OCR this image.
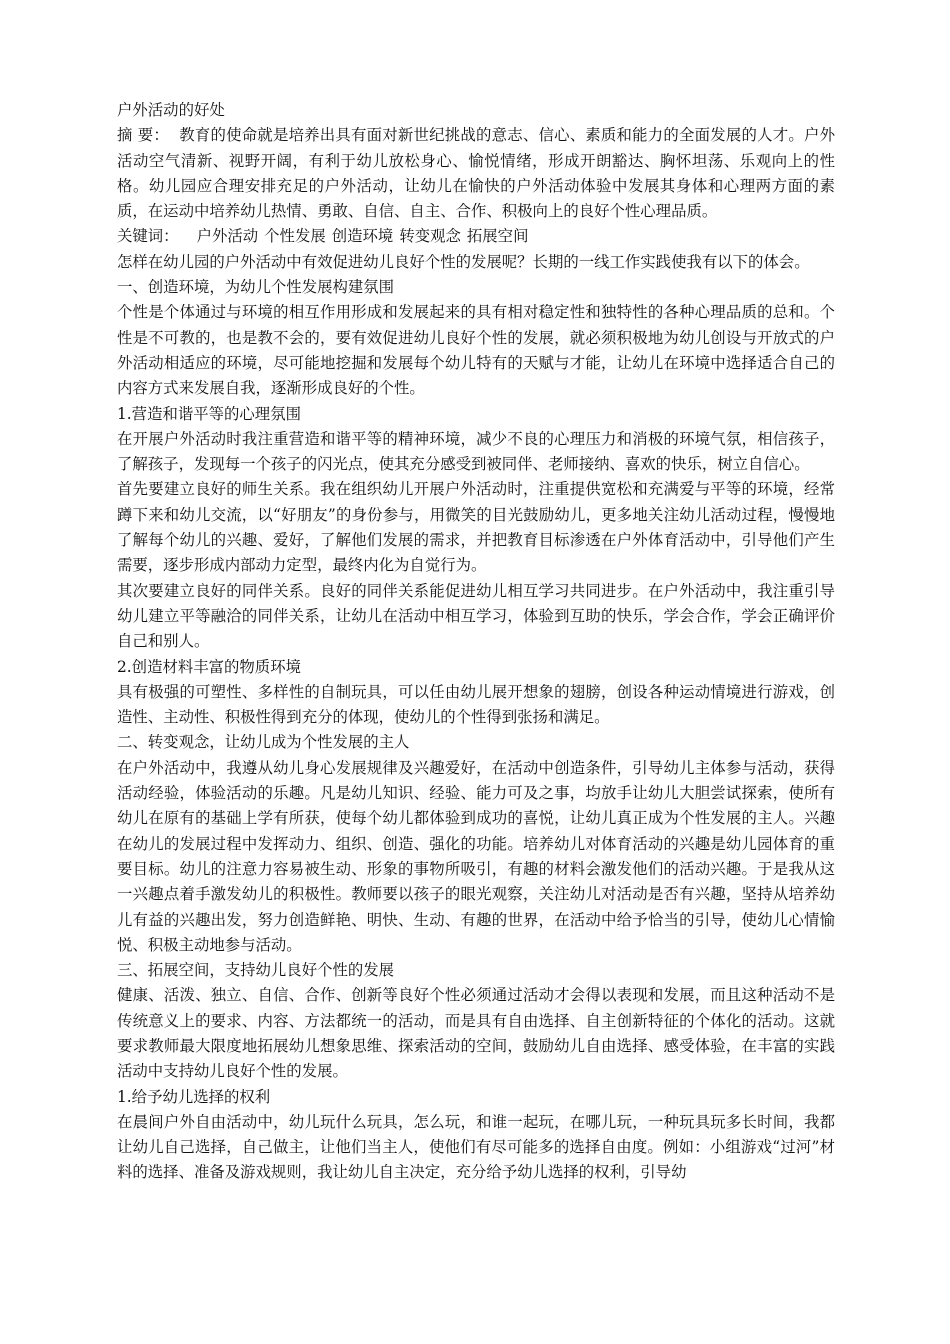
户外活动的好处

摘 要： 教育的使命就是培养出具有面对新世纪挑战的意志、信心、素质和能力的全面发展的人才。户外活动空气清新、视野开阔，有利于幼儿放松身心、愉悦情绪，形成开朗豁达、胸怀坦荡、乐观向上的性格。幼儿园应合理安排充足的户外活动，让幼儿在愉快的户外活动体验中发展其身体和心理两方面的素质，在运动中培养幼儿热情、勇敢、自信、自主、合作、积极向上的良好个性心理品质。

关键词： 户外活动 个性发展 创造环境 转变观念 拓展空间

怎样在幼儿园的户外活动中有效促进幼儿良好个性的发展呢？长期的一线工作实践使我有以下的体会。

一、创造环境，为幼儿个性发展构建氛围

个性是个体通过与环境的相互作用形成和发展起来的具有相对稳定性和独特性的各种心理品质的总和。个性是不可教的，也是教不会的，要有效促进幼儿良好个性的发展，就必须积极地为幼儿创设与开放式的户外活动相适应的环境，尽可能地挖掘和发展每个幼儿特有的天赋与才能，让幼儿在环境中选择适合自己的内容方式来发展自我，逐渐形成良好的个性。

1.营造和谐平等的心理氛围

在开展户外活动时我注重营造和谐平等的精神环境，减少不良的心理压力和消极的环境气氛，相信孩子，了解孩子，发现每一个孩子的闪光点，使其充分感受到被同伴、老师接纳、喜欢的快乐，树立自信心。

首先要建立良好的师生关系。我在组织幼儿开展户外活动时，注重提供宽松和充满爱与平等的环境，经常蹲下来和幼儿交流，以“好朋友”的身份参与，用微笑的目光鼓励幼儿，更多地关注幼儿活动过程，慢慢地了解每个幼儿的兴趣、爱好，了解他们发展的需求，并把教育目标渗透在户外体育活动中，引导他们产生需要，逐步形成内部动力定型，最终内化为自觉行为。

其次要建立良好的同伴关系。良好的同伴关系能促进幼儿相互学习共同进步。在户外活动中，我注重引导幼儿建立平等融洽的同伴关系，让幼儿在活动中相互学习，体验到互助的快乐，学会合作，学会正确评价自己和别人。

2.创造材料丰富的物质环境

具有极强的可塑性、多样性的自制玩具，可以任由幼儿展开想象的翅膀，创设各种运动情境进行游戏，创造性、主动性、积极性得到充分的体现，使幼儿的个性得到张扬和满足。

二、转变观念，让幼儿成为个性发展的主人

在户外活动中，我遵从幼儿身心发展规律及兴趣爱好，在活动中创造条件，引导幼儿主体参与活动，获得活动经验，体验活动的乐趣。凡是幼儿知识、经验、能力可及之事，均放手让幼儿大胆尝试探索，使所有幼儿在原有的基础上学有所获，使每个幼儿都体验到成功的喜悦，让幼儿真正成为个性发展的主人。兴趣在幼儿的发展过程中发挥动力、组织、创造、强化的功能。培养幼儿对体育活动的兴趣是幼儿园体育的重要目标。幼儿的注意力容易被生动、形象的事物所吸引，有趣的材料会激发他们的活动兴趣。于是我从这一兴趣点着手激发幼儿的积极性。教师要以孩子的眼光观察，关注幼儿对活动是否有兴趣，坚持从培养幼儿有益的兴趣出发，努力创造鲜艳、明快、生动、有趣的世界，在活动中给予恰当的引导，使幼儿心情愉悦、积极主动地参与活动。

三、拓展空间，支持幼儿良好个性的发展

健康、活泼、独立、自信、合作、创新等良好个性必须通过活动才会得以表现和发展，而且这种活动不是传统意义上的要求、内容、方法都统一的活动，而是具有自由选择、自主创新特征的个体化的活动。这就要求教师最大限度地拓展幼儿想象思维、探索活动的空间，鼓励幼儿自由选择、感受体验，在丰富的实践活动中支持幼儿良好个性的发展。

1.给予幼儿选择的权利

在晨间户外自由活动中，幼儿玩什么玩具，怎么玩，和谁一起玩，在哪儿玩，一种玩具玩多长时间，我都让幼儿自己选择，自己做主，让他们当主人，使他们有尽可能多的选择自由度。例如：小组游戏“过河”材料的选择、准备及游戏规则，我让幼儿自主决定，充分给予幼儿选择的权利，引导幼
